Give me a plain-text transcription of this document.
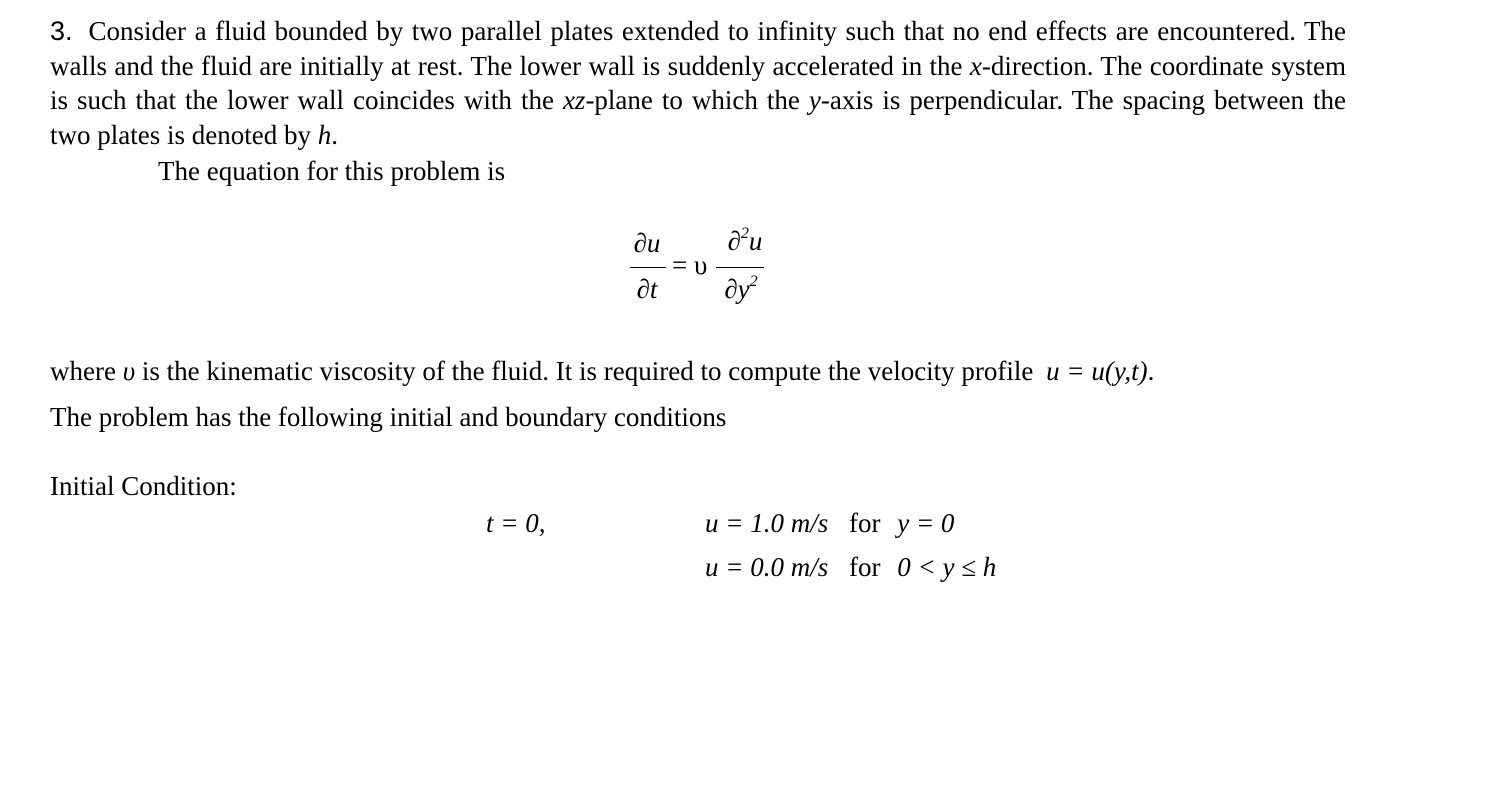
3. Consider a fluid bounded by two parallel plates extended to infinity such that no end effects are encountered. The walls and the fluid are initially at rest. The lower wall is suddenly accelerated in the x-direction. The coordinate system is such that the lower wall coincides with the xz-plane to which the y-axis is perpendicular. The spacing between the two plates is denoted by h.

The equation for this problem is
∂u
∂t
= υ
∂$^2$u
$\partial y^2$
where υ is the kinematic viscosity of the fluid. It is required to compute the velocity profile u = u(y,t).
The problem has the following initial and boundary conditions
Initial Condition:
t = 0,	u = 1.0 m/s for y = 0
u = 0.0 m/s for 0 < y ≤ h
